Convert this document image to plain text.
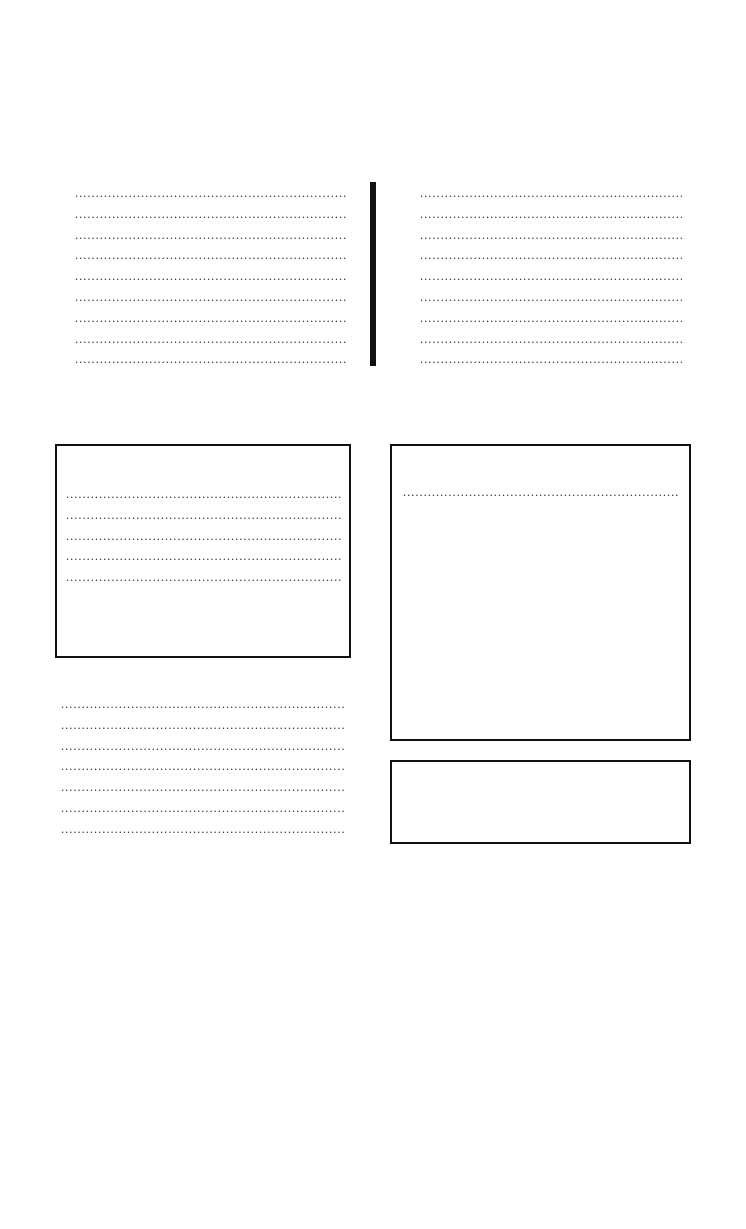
.....
.....
.....
.....
.....
.....
.....
.....
.....
.....
.....
.....
.....
.....
.....
.....
.....
.....
.....
.....
.....
.....
.....
.....
.....
.....
.....
.....
.....
.....
.....
